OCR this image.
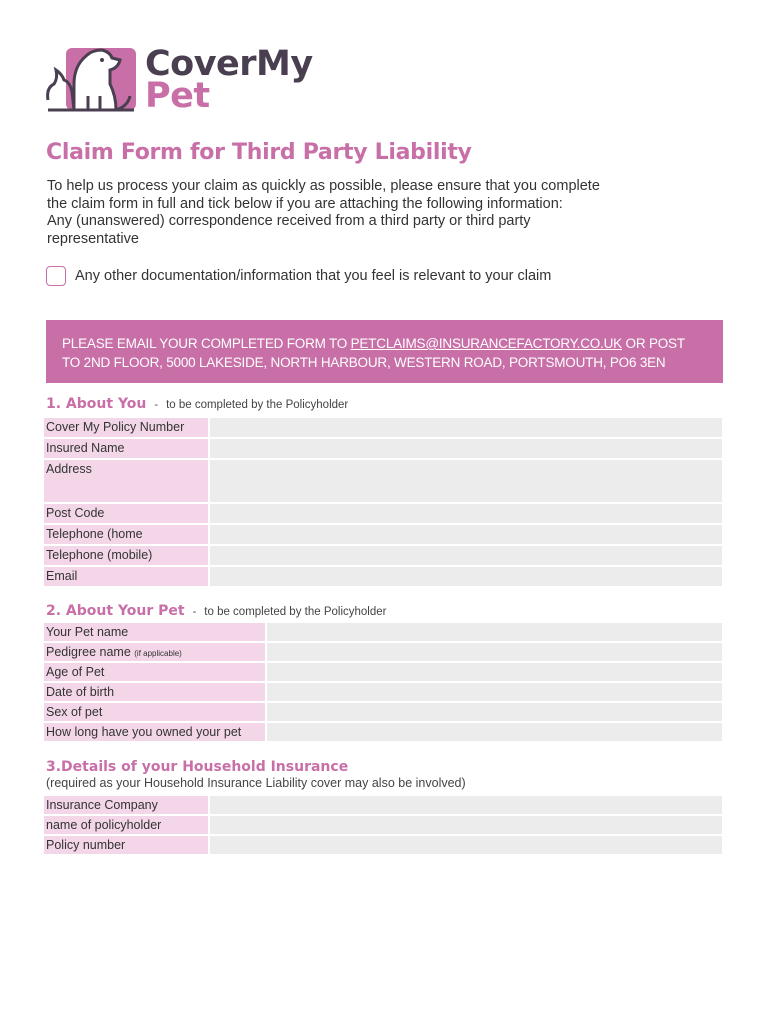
CoverMy
Pet
Claim Form for Third Party Liability
To help us process your claim as quickly as possible, please ensure that you complete
the claim form in full and tick below if you are attaching the following information:
Any (unanswered) correspondence received from a third party or third party
representative
Any other documentation/information that you feel is relevant to your claim
PLEASE EMAIL YOUR COMPLETED FORM TO PETCLAIMS@INSURANCEFACTORY.CO.UK OR POST
TO 2ND FLOOR, 5000 LAKESIDE, NORTH HARBOUR, WESTERN ROAD, PORTSMOUTH, PO6 3EN
1. About You - to be completed by the Policyholder
Cover My Policy Number
Insured Name
Address
Post Code
Telephone (home
Telephone (mobile)
Email
2. About Your Pet - to be completed by the Policyholder
Your Pet name
Pedigree name (if applicable)
Age of Pet
Date of birth
Sex of pet
How long have you owned your pet
3.Details of your Household Insurance
(required as your Household Insurance Liability cover may also be involved)
Insurance Company
name of policyholder
Policy number
